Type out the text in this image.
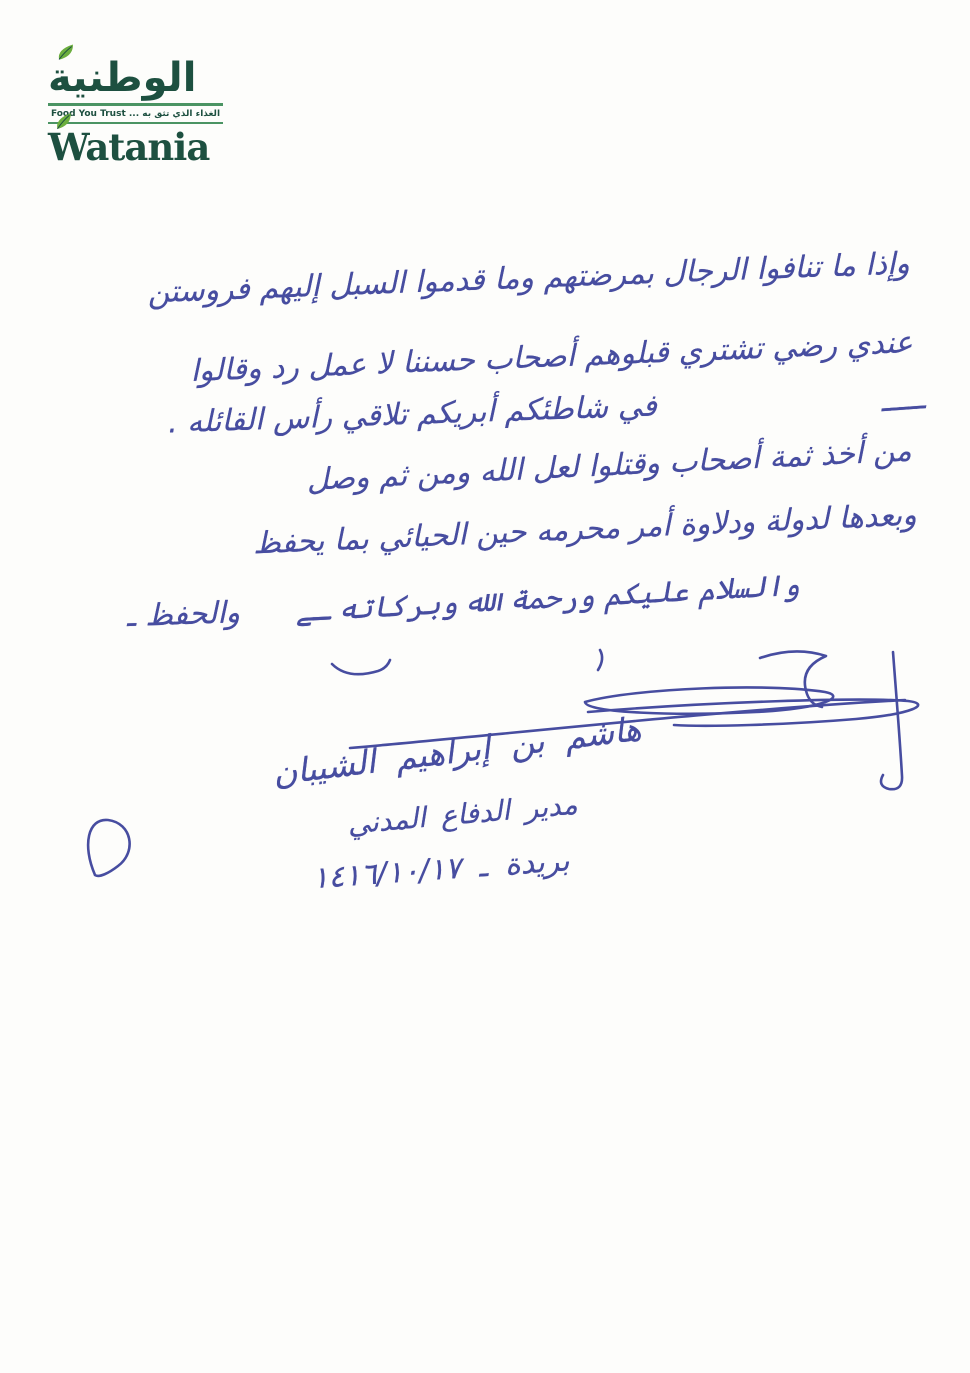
الوطنية
Food You Trust ... الغذاء الذي تثق به
Watania
وإذا ما تنافوا الرجال بمرضتهم وما قدموا السبل إليهم فروستن
عندي رضي تشتري قبلوهم أصحاب حسننا لا عمل رد وقالوا
في شاطئكم أبريكم تلاقي رأس القائله .	ـــــ
من أخذ ثمة أصحاب وقتلوا لعل الله ومن ثم وصل
وبعدها لدولة ودلاوة أمر محرمه حين الحيائي بما يحفظ
والحفظ ـ والسلام عليكم ورحمة الله وبركاته ـے
هاشم بن إبراهيم الشيبان
مدير الدفاع المدني
بريدة ـ ١٤١٦/١٠/١٧
